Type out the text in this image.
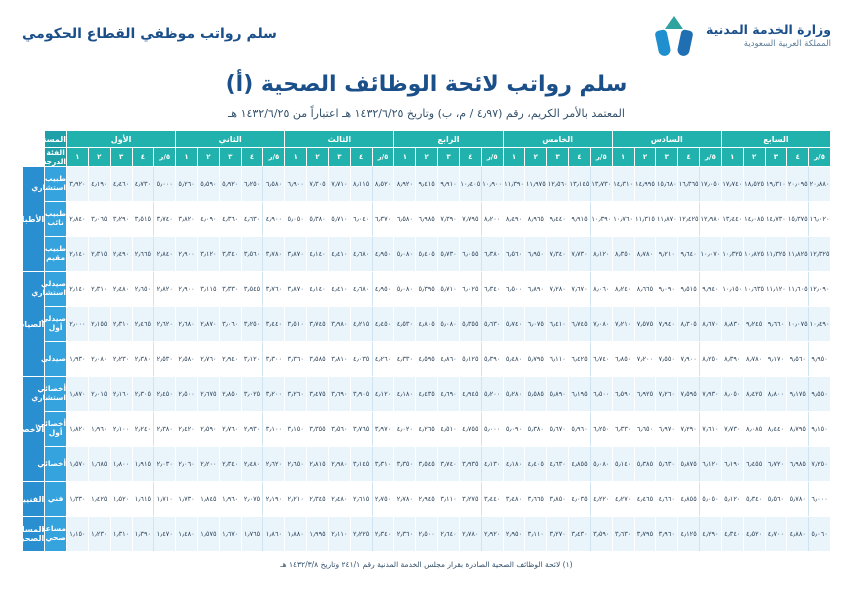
وزارة الخدمة المدنية
المملكة العربية السعودية
سلم رواتب موظفي القطاع الحكومي
سلم رواتب لائحة الوظائف الصحية (أ)
المعتمد بالأمر الكريم، رقم (٤٫٩٧ / م، ب) وتاريخ ١٤٣٢/٦/٢٥ هـ اعتباراً من ١٤٣٢/٦/٢٥ هـ
السابع					السادس					الخامس					الرابع					الثالث					الثاني					الأول					المستوى	
٥/ر	٤	٣	٢	١	٥/ر	٤	٣	٢	١	٥/ر	٤	٣	٢	١	٥/ر	٤	٣	٢	١	٥/ر	٤	٣	٢	١	٥/ر	٤	٣	٢	١	٥/ر	٤	٣	٢	١	الفئة
الدرجة	
٢٠٫٨٨٠	٢٠٫٠٩٥	١٩٫٣١٠	١٨٫٥٢٥	١٧٫٧٤٠	١٧٫٠٥٠	١٦٫٣٦٥	١٥٫٦٨٠	١٤٫٩٩٥	١٤٫٣١٠	١٣٫٧٣٠	١٣٫١٤٥	١٢٫٥٦٠	١١٫٩٧٥	١١٫٣٩٠	١٠٫٩٠٠	١٠٫٤٠٥	٩٫٩١٠	٩٫٤١٥	٨٫٩٢٠	٨٫٥٢٠	٨٫١١٥	٧٫٧١٠	٧٫٣٠٥	٦٫٩٠٠	٦٫٥٨٠	٦٫٢٥٠	٥٫٩٢٠	٥٫٥٩٠	٥٫٢٦٠	٥٫٠٠٠	٤٫٧٣٠	٤٫٤٦٠	٤٫١٩٠	٣٫٩٢٠	طبيب استشاري	الأطباء
١٦٫٠٢٠	١٥٫٣٧٥	١٤٫٧٣٠	١٤٫٠٨٥	١٣٫٤٤٠	١٢٫٩٨٠	١٢٫٤٢٥	١١٫٨٧٠	١١٫٣١٥	١٠٫٧٦٠	١٠٫٣٩٠	٩٫٩١٥	٩٫٤٤٠	٨٫٩٦٥	٨٫٤٩٠	٨٫٢٠٠	٧٫٧٩٥	٧٫٣٩٠	٦٫٩٨٥	٦٫٥٨٠	٦٫٣٧٠	٦٫٠٤٠	٥٫٧١٠	٥٫٣٨٠	٥٫٠٥٠	٤٫٩٠٠	٤٫٦٣٠	٤٫٣٦٠	٤٫٠٩٠	٣٫٨٢٠	٣٫٧٤٠	٣٫٥١٥	٣٫٢٩٠	٣٫٠٦٥	٢٫٨٤٠	طبيب نائب	
١٢٫٣٢٥	١١٫٨٢٥	١١٫٣٢٥	١٠٫٨٢٥	١٠٫٣٢٥	١٠٫٠٧٠	٩٫٦٤٠	٩٫٢١٠	٨٫٧٨٠	٨٫٣٥٠	٨٫١٢٠	٧٫٧٣٠	٧٫٣٤٠	٦٫٩٥٠	٦٫٥٦٠	٦٫٣٨٠	٦٫٠٥٥	٥٫٧٣٠	٥٫٤٠٥	٥٫٠٨٠	٤٫٩٥٠	٤٫٦٨٠	٤٫٤١٠	٤٫١٤٠	٣٫٨٧٠	٣٫٧٨٠	٣٫٥٦٠	٣٫٣٤٠	٣٫١٢٠	٢٫٩٠٠	٢٫٨٤٠	٢٫٦٦٥	٢٫٤٩٠	٢٫٣١٥	٢٫١٤٠	طبيب مقيم	
١٢٫٠٩٠	١١٫٦٠٥	١١٫١٢٠	١٠٫٦٣٥	١٠٫١٥٠	٩٫٩٤٠	٩٫٥١٥	٩٫٠٩٠	٨٫٦٦٥	٨٫٢٤٠	٨٫٠٦٠	٧٫٦٧٠	٧٫٢٨٠	٦٫٨٩٠	٦٫٥٠٠	٦٫٣٤٠	٦٫٠٢٥	٥٫٧١٠	٥٫٣٩٥	٥٫٠٨٠	٤٫٩٥٠	٤٫٦٨٠	٤٫٤١٠	٤٫١٤٠	٣٫٨٧٠	٣٫٧٦٠	٣٫٥٤٥	٣٫٣٣٠	٣٫١١٥	٢٫٩٠٠	٢٫٨٢٠	٢٫٦٥٠	٢٫٤٨٠	٢٫٣١٠	٢٫١٤٠	صيدلي استشاري	الصيادلة
١٠٫٤٩٠	١٠٫٠٧٥	٩٫٦٦٠	٩٫٢٤٥	٨٫٨٣٠	٨٫٦٧٠	٨٫٣٠٥	٧٫٩٤٠	٧٫٥٧٥	٧٫٢١٠	٧٫٠٨٠	٦٫٧٤٥	٦٫٤١٠	٦٫٠٧٥	٥٫٧٤٠	٥٫٦٣٠	٥٫٣٥٥	٥٫٠٨٠	٤٫٨٠٥	٤٫٥٣٠	٤٫٤٥٠	٤٫٢١٥	٣٫٩٨٠	٣٫٧٤٥	٣٫٥١٠	٣٫٤٤٠	٣٫٢٥٠	٣٫٠٦٠	٢٫٨٧٠	٢٫٦٨٠	٢٫٦٢٠	٢٫٤٦٥	٢٫٣١٠	٢٫١٥٥	٢٫٠٠٠	صيدلي أول	
٩٫٩٥٠	٩٫٥٦٠	٩٫١٧٠	٨٫٧٨٠	٨٫٣٩٠	٨٫٢٥٠	٧٫٩٠٠	٧٫٥٥٠	٧٫٢٠٠	٦٫٨٥٠	٦٫٧٤٠	٦٫٤٢٥	٦٫١١٠	٥٫٧٩٥	٥٫٤٨٠	٥٫٣٩٠	٥٫١٢٥	٤٫٨٦٠	٤٫٥٩٥	٤٫٣٣٠	٤٫٢٦٠	٤٫٠٣٥	٣٫٨١٠	٣٫٥٨٥	٣٫٣٦٠	٣٫٣٠٠	٣٫١٢٠	٢٫٩٤٠	٢٫٧٦٠	٢٫٥٨٠	٢٫٥٣٠	٢٫٣٨٠	٢٫٢٣٠	٢٫٠٨٠	١٫٩٣٠	صيدلي	
٩٫٥٥٠	٩٫١٧٥	٨٫٨٠٠	٨٫٤٢٥	٨٫٠٥٠	٧٫٩٣٠	٧٫٥٩٥	٧٫٢٦٠	٦٫٩٢٥	٦٫٥٩٠	٦٫٥٠٠	٦٫١٩٥	٥٫٨٩٠	٥٫٥٨٥	٥٫٢٨٠	٥٫٢٠٠	٤٫٩٤٥	٤٫٦٩٠	٤٫٤٣٥	٤٫١٨٠	٤٫١٢٠	٣٫٩٠٥	٣٫٦٩٠	٣٫٤٧٥	٣٫٢٦٠	٣٫٢٠٠	٣٫٠٢٥	٢٫٨٥٠	٢٫٦٧٥	٢٫٥٠٠	٢٫٤٥٠	٢٫٣٠٥	٢٫١٦٠	٢٫٠١٥	١٫٨٧٠	أخصائي استشاري	الأخصائيين
٩٫١٥٠	٨٫٧٩٥	٨٫٤٤٠	٨٫٠٨٥	٧٫٧٣٠	٧٫٦١٠	٧٫٢٩٠	٦٫٩٧٠	٦٫٦٥٠	٦٫٣٣٠	٦٫٢٥٠	٥٫٩٦٠	٥٫٦٧٠	٥٫٣٨٠	٥٫٠٩٠	٥٫٠٠٠	٤٫٧٥٥	٤٫٥١٠	٤٫٢٦٥	٤٫٠٢٠	٣٫٩٧٠	٣٫٧٦٥	٣٫٥٦٠	٣٫٣٥٥	٣٫١٥٠	٣٫١٠٠	٢٫٩٣٠	٢٫٧٦٠	٢٫٥٩٠	٢٫٤٢٠	٢٫٣٨٠	٢٫٢٤٠	٢٫١٠٠	١٫٩٦٠	١٫٨٢٠	أخصائي أول	
٧٫٢٥٠	٦٫٩٨٥	٦٫٧٢٠	٦٫٤٥٥	٦٫١٩٠	٦٫١٢٠	٥٫٨٧٥	٥٫٦٣٠	٥٫٣٨٥	٥٫١٤٠	٥٫٠٨٠	٤٫٨٥٥	٤٫٦٣٠	٤٫٤٠٥	٤٫١٨٠	٤٫١٣٠	٣٫٩٣٥	٣٫٧٤٠	٣٫٥٤٥	٣٫٣٥٠	٣٫٣١٠	٣٫١٤٥	٢٫٩٨٠	٢٫٨١٥	٢٫٦٥٠	٢٫٦٢٠	٢٫٤٨٠	٢٫٣٤٠	٢٫٢٠٠	٢٫٠٦٠	٢٫٠٣٠	١٫٩١٥	١٫٨٠٠	١٫٦٨٥	١٫٥٧٠	أخصائي	
٦٫٠٠٠	٥٫٧٨٠	٥٫٥٦٠	٥٫٣٤٠	٥٫١٢٠	٥٫٠٥٠	٤٫٨٥٥	٤٫٦٦٠	٤٫٤٦٥	٤٫٢٧٠	٤٫٢٢٠	٤٫٠٣٥	٣٫٨٥٠	٣٫٦٦٥	٣٫٤٨٠	٣٫٤٤٠	٣٫٢٧٥	٣٫١١٠	٢٫٩٤٥	٢٫٧٨٠	٢٫٧٥٠	٢٫٦١٥	٢٫٤٨٠	٢٫٣٤٥	٢٫٢١٠	٢٫١٩٠	٢٫٠٧٥	١٫٩٦٠	١٫٨٤٥	١٫٧٣٠	١٫٧١٠	١٫٦١٥	١٫٥٢٠	١٫٤٢٥	١٫٣٣٠	فني	الفنيين
٥٫٠٦٠	٤٫٨٨٠	٤٫٧٠٠	٤٫٥٢٠	٤٫٣٤٠	٤٫٢٩٠	٤٫١٢٥	٣٫٩٦٠	٣٫٧٩٥	٣٫٦٣٠	٣٫٥٩٠	٣٫٤٣٠	٣٫٢٧٠	٣٫١١٠	٢٫٩٥٠	٢٫٩٢٠	٢٫٧٨٠	٢٫٦٤٠	٢٫٥٠٠	٢٫٣٦٠	٢٫٣٤٠	٢٫٢٢٥	٢٫١١٠	١٫٩٩٥	١٫٨٨٠	١٫٨٦٠	١٫٧٦٥	١٫٦٧٠	١٫٥٧٥	١٫٤٨٠	١٫٤٧٠	١٫٣٩٠	١٫٣١٠	١٫٢٣٠	١٫١٥٠	مساعد صحي	المساعدين الصحيين
(١) لائحة الوظائف الصحية الصادرة بقرار مجلس الخدمة المدنية رقم ٢٤١/١ وتاريخ ١٤٣٢/٣/٨ هـ
